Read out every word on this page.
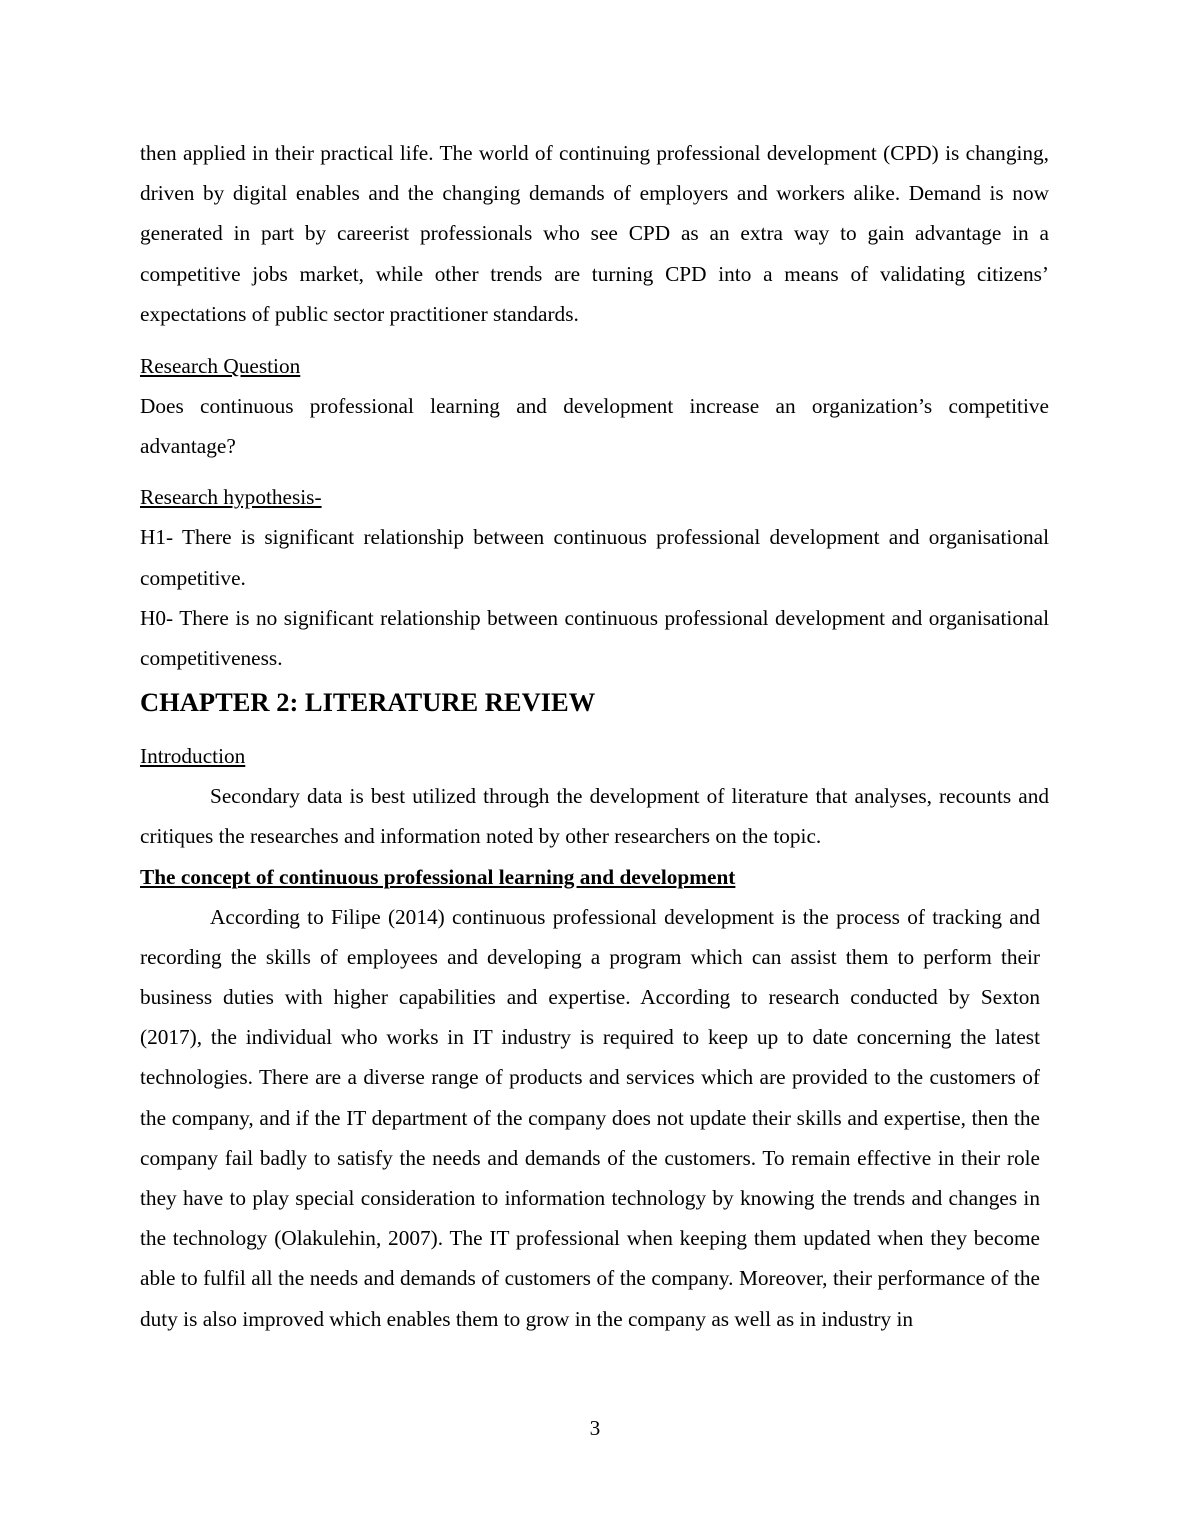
then applied in their practical life. The world of continuing professional development (CPD) is changing, driven by digital enables and the changing demands of employers and workers alike. Demand is now generated in part by careerist professionals who see CPD as an extra way to gain advantage in a competitive jobs market, while other trends are turning CPD into a means of validating citizens’ expectations of public sector practitioner standards.

Research Question

Does continuous professional learning and development increase an organization’s competitive advantage?

Research hypothesis-

H1- There is significant relationship between continuous professional development and organisational competitive.

H0- There is no significant relationship between continuous professional development and organisational competitiveness.

CHAPTER 2: LITERATURE REVIEW

Introduction

Secondary data is best utilized through the development of literature that analyses, recounts and critiques the researches and information noted by other researchers on the topic.

The concept of continuous professional learning and development

According to Filipe (2014) continuous professional development is the process of tracking and recording the skills of employees and developing a program which can assist them to perform their business duties with higher capabilities and expertise. According to research conducted by Sexton (2017), the individual who works in IT industry is required to keep up to date concerning the latest technologies. There are a diverse range of products and services which are provided to the customers of the company, and if the IT department of the company does not update their skills and expertise, then the company fail badly to satisfy the needs and demands of the customers. To remain effective in their role they have to play special consideration to information technology by knowing the trends and changes in the technology (Olakulehin, 2007). The IT professional when keeping them updated when they become able to fulfil all the needs and demands of customers of the company. Moreover, their performance of the duty is also improved which enables them to grow in the company as well as in industry in

3
